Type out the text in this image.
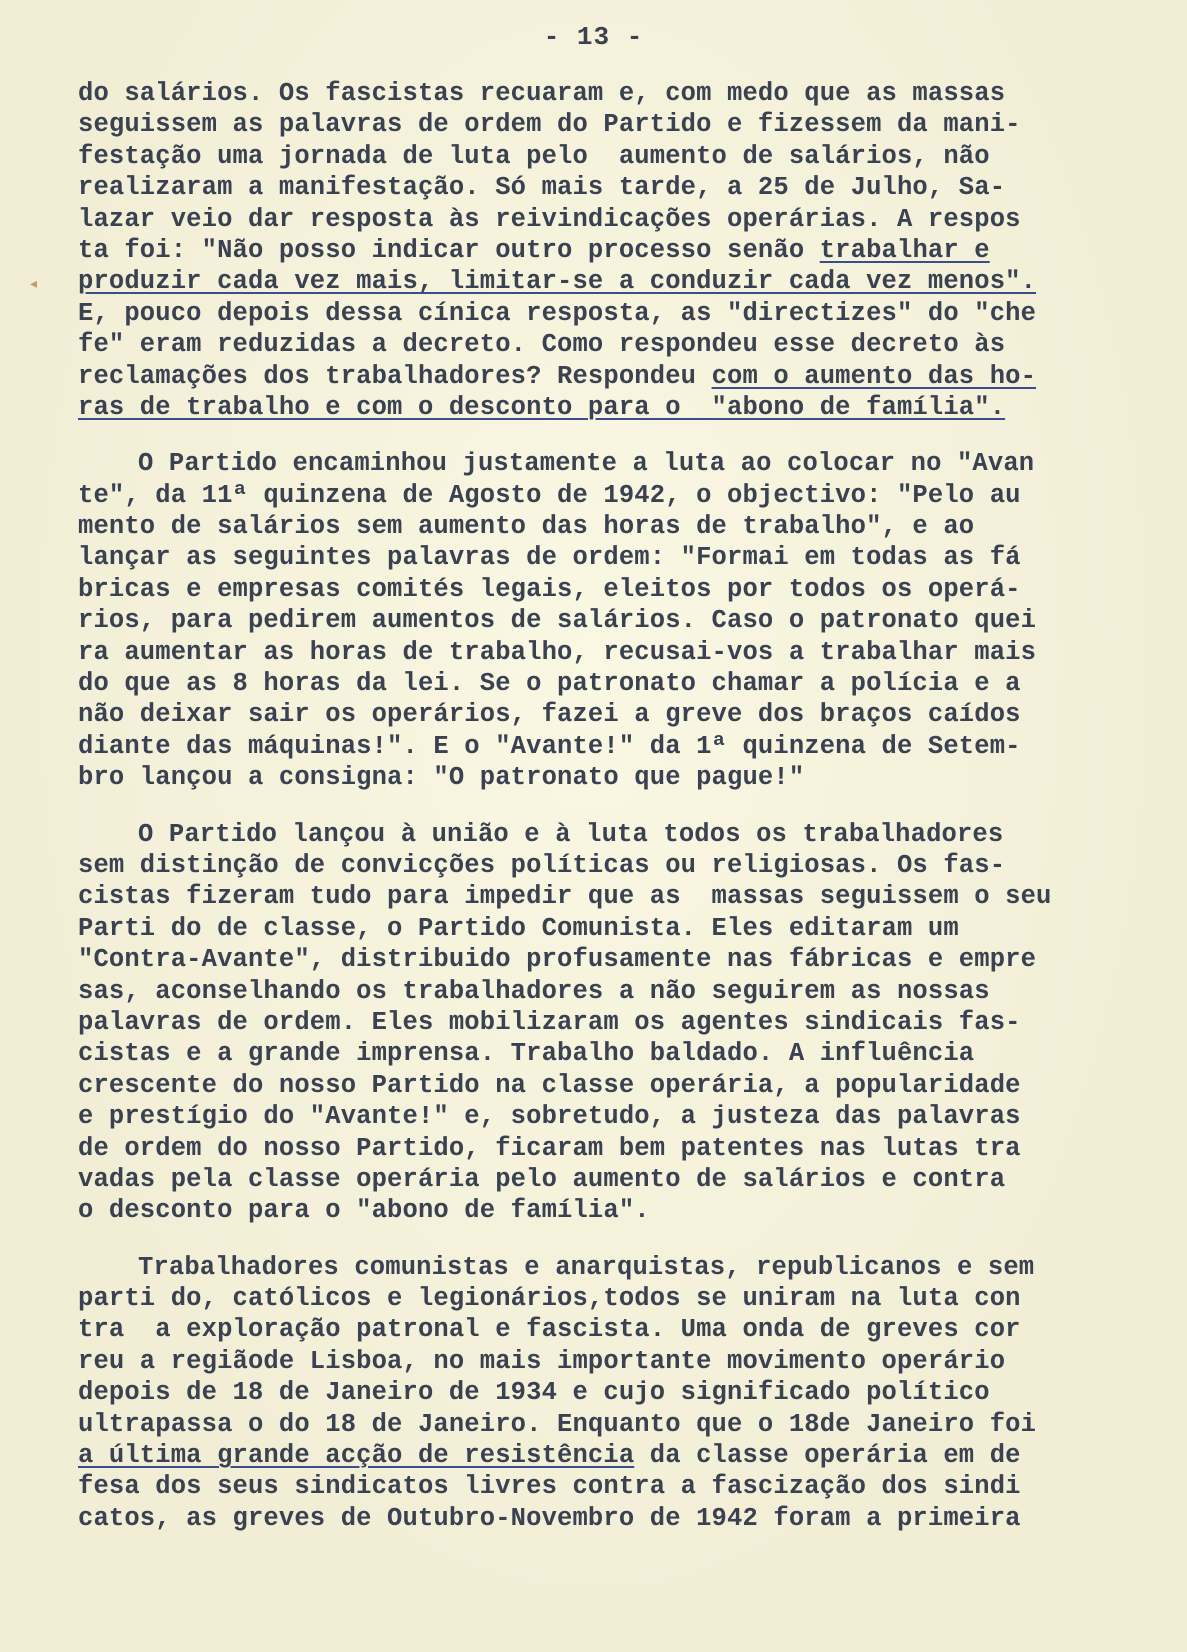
- 13 -
do salários. Os fascistas recuaram e, com medo que as massas
seguissem as palavras de ordem do Partido e fizessem da mani-
festação uma jornada de luta pelo  aumento de salários, não
realizaram a manifestação. Só mais tarde, a 25 de Julho, Sa-
lazar veio dar resposta às reivindicações operárias. A respos
ta foi: "Não posso indicar outro processo senão trabalhar e
produzir cada vez mais, limitar-se a conduzir cada vez menos".
E, pouco depois dessa cínica resposta, as "directizes" do "che
fe" eram reduzidas a decreto. Como respondeu esse decreto às
reclamações dos trabalhadores? Respondeu com o aumento das ho-
ras de trabalho e com o desconto para o  "abono de família".
O Partido encaminhou justamente a luta ao colocar no "Avan
te", da 11ª quinzena de Agosto de 1942, o objectivo: "Pelo au
mento de salários sem aumento das horas de trabalho", e ao
lançar as seguintes palavras de ordem: "Formai em todas as fá
bricas e empresas comités legais, eleitos por todos os operá-
rios, para pedirem aumentos de salários. Caso o patronato quei
ra aumentar as horas de trabalho, recusai-vos a trabalhar mais
do que as 8 horas da lei. Se o patronato chamar a polícia e a
não deixar sair os operários, fazei a greve dos braços caídos
diante das máquinas!". E o "Avante!" da 1ª quinzena de Setem-
bro lançou a consigna: "O patronato que pague!"
O Partido lançou à união e à luta todos os trabalhadores
sem distinção de convicções políticas ou religiosas. Os fas-
cistas fizeram tudo para impedir que as  massas seguissem o seu
Parti do de classe, o Partido Comunista. Eles editaram um
"Contra-Avante", distribuido profusamente nas fábricas e empre
sas, aconselhando os trabalhadores a não seguirem as nossas
palavras de ordem. Eles mobilizaram os agentes sindicais fas-
cistas e a grande imprensa. Trabalho baldado. A influência
crescente do nosso Partido na classe operária, a popularidade
e prestígio do "Avante!" e, sobretudo, a justeza das palavras
de ordem do nosso Partido, ficaram bem patentes nas lutas tra
vadas pela classe operária pelo aumento de salários e contra
o desconto para o "abono de família".
Trabalhadores comunistas e anarquistas, republicanos e sem
parti do, católicos e legionários,todos se uniram na luta con
tra  a exploração patronal e fascista. Uma onda de greves cor
reu a regiãode Lisboa, no mais importante movimento operário
depois de 18 de Janeiro de 1934 e cujo significado político
ultrapassa o do 18 de Janeiro. Enquanto que o 18de Janeiro foi
a última grande acção de resistência da classe operária em de
fesa dos seus sindicatos livres contra a fascização dos sindi
catos, as greves de Outubro-Novembro de 1942 foram a primeira
◂
